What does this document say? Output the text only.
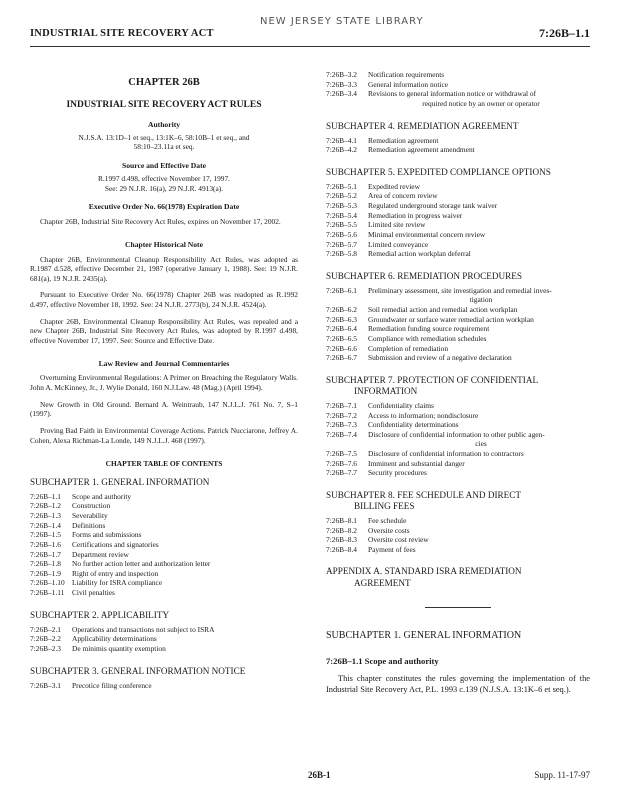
INDUSTRIAL SITE RECOVERY ACT
NEW JERSEY STATE LIBRARY
7:26B–1.1

CHAPTER 26B

INDUSTRIAL SITE RECOVERY ACT RULES

Authority

N.J.S.A. 13:1D–1 et seq., 13:1K–6, 58:10B–1 et seq., and 58:10–23.11a et seq.

Source and Effective Date

R.1997 d.498, effective November 17, 1997.

See: 29 N.J.R. 16(a), 29 N.J.R. 4913(a).

Executive Order No. 66(1978) Expiration Date

Chapter 26B, Industrial Site Recovery Act Rules, expires on November 17, 2002.

Chapter Historical Note

Chapter 26B, Environmental Cleanup Responsibility Act Rules, was adopted as R.1987 d.528, effective December 21, 1987 (operative January 1, 1988). See: 19 N.J.R. 681(a), 19 N.J.R. 2435(a).

Pursuant to Executive Order No. 66(1978) Chapter 26B was readopted as R.1992 d.497, effective November 18, 1992. See: 24 N.J.R. 2773(b), 24 N.J.R. 4524(a).

Chapter 26B, Environmental Cleanup Responsibility Act Rules, was repealed and a new Chapter 26B, Industrial Site Recovery Act Rules, was adopted by R.1997 d.498, effective November 17, 1997. See: Source and Effective Date.

Law Review and Journal Commentaries

Overturning Environmental Regulations: A Primer on Breaching the Regulatory Walls. John A. McKinney, Jr., J. Wylie Donald, 160 N.J.Law. 48 (Mag.) (April 1994).

New Growth in Old Ground. Bernard A. Weintraub, 147 N.J.L.J. 761 No. 7, S–1 (1997).

Proving Bad Faith in Environmental Coverage Actions. Patrick Nucciarone, Jeffrey A. Cohen, Alexa Richman-La Londe, 149 N.J.L.J. 468 (1997).

CHAPTER TABLE OF CONTENTS

SUBCHAPTER 1. GENERAL INFORMATION

7:26B–1.1 Scope and authority
7:26B–1.2 Construction
7:26B–1.3 Severability
7:26B–1.4 Definitions
7:26B–1.5 Forms and submissions
7:26B–1.6 Certifications and signatories
7:26B–1.7 Department review
7:26B–1.8 No further action letter and authorization letter
7:26B–1.9 Right of entry and inspection
7:26B–1.10 Liability for ISRA compliance
7:26B–1.11 Civil penalties

SUBCHAPTER 2. APPLICABILITY

7:26B–2.1 Operations and transactions not subject to ISRA
7:26B–2.2 Applicability determinations
7:26B–2.3 De minimis quantity exemption

SUBCHAPTER 3. GENERAL INFORMATION NOTICE

7:26B–3.1 Precotice filing conference
7:26B–3.2 Notification requirements
7:26B–3.3 General information notice
7:26B–3.4 Revisions to general information notice or withdrawal of
required notice by an owner or operator

SUBCHAPTER 4. REMEDIATION AGREEMENT

7:26B–4.1 Remediation agreement
7:26B–4.2 Remediation agreement amendment

SUBCHAPTER 5. EXPEDITED COMPLIANCE OPTIONS

7:26B–5.1 Expedited review
7:26B–5.2 Area of concern review
7:26B–5.3 Regulated underground storage tank waiver
7:26B–5.4 Remediation in progress waiver
7:26B–5.5 Limited site review
7:26B–5.6 Minimal environmental concern review
7:26B–5.7 Limited conveyance
7:26B–5.8 Remedial action workplan deferral

SUBCHAPTER 6. REMEDIATION PROCEDURES

7:26B–6.1 Preliminary assessment, site investigation and remedial inves-
tigation
7:26B–6.2 Soil remedial action and remedial action workplan
7:26B–6.3 Groundwater or surface water remedial action workplan
7:26B–6.4 Remediation funding source requirement
7:26B–6.5 Compliance with remediation schedules
7:26B–6.6 Completion of remediation
7:26B–6.7 Submission and review of a negative declaration

SUBCHAPTER 7. PROTECTION OF CONFIDENTIAL
INFORMATION

7:26B–7.1 Confidentiality claims
7:26B–7.2 Access to information; nondisclosure
7:26B–7.3 Confidentiality determinations
7:26B–7.4 Disclosure of confidential information to other public agen-
cies
7:26B–7.5 Disclosure of confidential information to contractors
7:26B–7.6 Imminent and substantial danger
7:26B–7.7 Security procedures

SUBCHAPTER 8. FEE SCHEDULE AND DIRECT
BILLING FEES

7:26B–8.1 Fee schedule
7:26B–8.2 Oversite costs
7:26B–8.3 Oversite cost review
7:26B–8.4 Payment of fees

APPENDIX A. STANDARD ISRA REMEDIATION
AGREEMENT

SUBCHAPTER 1. GENERAL INFORMATION

7:26B–1.1 Scope and authority

This chapter constitutes the rules governing the implementation of the Industrial Site Recovery Act, P.L. 1993 c.139 (N.J.S.A. 13:1K–6 et seq.).

26B-1	Supp. 11-17-97
